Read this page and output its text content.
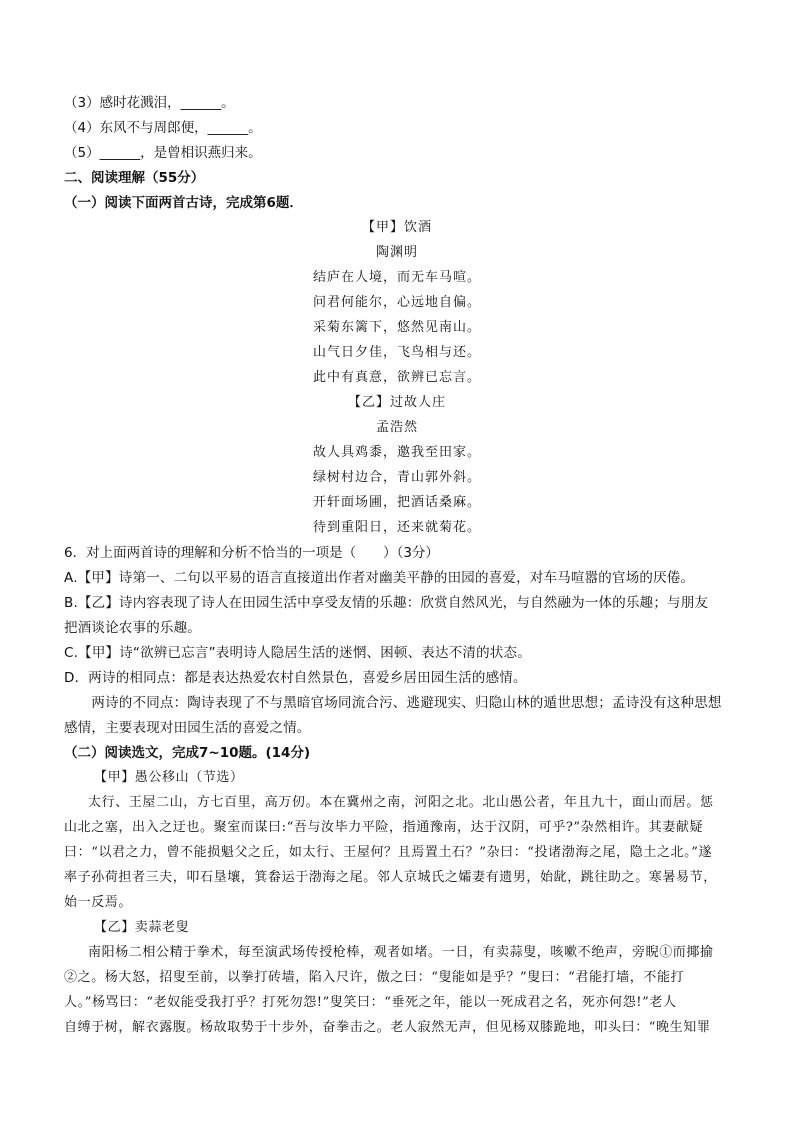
（3）感时花溅泪，______。
（4）东风不与周郎便，______。
（5）______，是曾相识燕归来。
二、阅读理解（55分）
（一）阅读下面两首古诗，完成第6题．
【甲】饮酒
陶渊明
结庐在人境，而无车马喧。
问君何能尔，心远地自偏。
采菊东篱下，悠然见南山。
山气日夕佳，飞鸟相与还。
此中有真意，欲辨已忘言。
【乙】过故人庄
孟浩然
故人具鸡黍，邀我至田家。
绿树村边合，青山郭外斜。
开轩面场圃，把酒话桑麻。
待到重阳日，还来就菊花。
6．对上面两首诗的理解和分析不恰当的一项是（　　）（3分）
A.【甲】诗第一、二句以平易的语言直接道出作者对幽美平静的田园的喜爱，对车马喧嚣的官场的厌倦。
B.【乙】诗内容表现了诗人在田园生活中享受友情的乐趣：欣赏自然风光，与自然融为一体的乐趣；与朋友
把酒谈论农事的乐趣。
C.【甲】诗“欲辨已忘言”表明诗人隐居生活的迷惘、困顿、表达不清的状态。
D．两诗的相同点：都是表达热爱农村自然景色，喜爱乡居田园生活的感情。
　　两诗的不同点：陶诗表现了不与黑暗官场同流合污、逃避现实、归隐山林的遁世思想；孟诗没有这种思想
感情，主要表现对田园生活的喜爱之情。
（二）阅读选文，完成7~10题。(14分)
【甲】愚公移山（节选）
太行、王屋二山，方七百里，高万仞。本在冀州之南，河阳之北。北山愚公者，年且九十，面山而居。惩
山北之塞，出入之迂也。聚室而谋曰:“吾与汝毕力平险，指通豫南，达于汉阴，可乎?”杂然相许。其妻献疑
曰：“以君之力，曾不能损魁父之丘，如太行、王屋何？且焉置土石？”杂曰：“投诸渤海之尾，隐土之北。”遂
率子孙荷担者三夫，叩石垦壤，箕畚运于渤海之尾。邻人京城氏之孀妻有遗男，始龀，跳往助之。寒暑易节，
始一反焉。
【乙】卖蒜老叟
南阳杨二相公精于拳术，每至演武场传授枪棒，观者如堵。一日，有卖蒜叟，咳嗽不绝声，旁睨①而揶揄
②之。杨大怒，招叟至前，以拳打砖墙，陷入尺许，傲之曰：“叟能如是乎？”叟曰：“君能打墙，不能打
人。”杨骂曰：“老奴能受我打乎？打死勿怨!”叟笑曰：“垂死之年，能以一死成君之名，死亦何怨!”老人
自缚于树，解衣露腹。杨故取势于十步外，奋拳击之。老人寂然无声，但见杨双膝跪地，叩头曰：“晚生知罪
